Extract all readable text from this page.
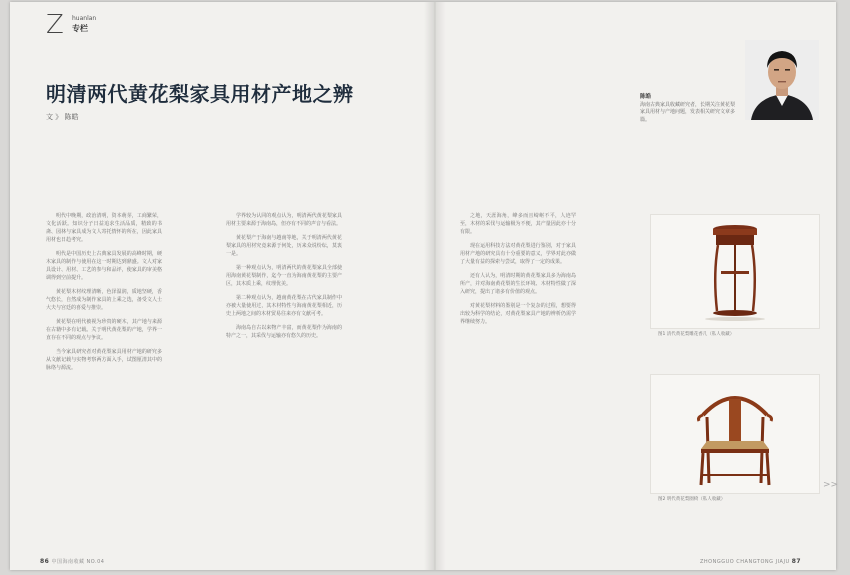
Z huanlan
专栏
明清两代黄花梨家具用材产地之辨
文 》 陈皓
陈皓
海南古典家具收藏研究者，长期关注黄花梨家具用材与产地问题，发表相关研究文章多篇。

明代中晚期，政治清明，资本萌芽，工商繁荣，文化活跃。知识分子日益追求生活品质，精致的书斋、园林与家具成为文人寄托情怀的所在，因此家具用材也日趋考究。

明代是中国历史上古典家具发展的高峰时期，硬木家具的制作与使用在这一时期达到鼎盛。文人对家具设计、用材、工艺的参与和品评，使家具的审美格调得到空前提升。

黄花梨木材纹理清晰，色泽温润，质地坚硬，香气悠长，自然成为制作家具的上乘之选，备受文人士大夫与宫廷的喜爱与推崇。

黄花梨在明代被视为珍贵的硬木，其产地与来源在古籍中多有记载。关于明代黄花梨的产地，学界一直存在不同的观点与争议。

当今家具研究者对黄花梨家具用材产地的研究多从文献记载与实物考察两方面入手，试图厘清其中的脉络与源流。

学界较为认同的观点认为，明清两代黄花梨家具用材主要来源于海南岛，但亦有不同的声音与看法。

黄花梨产于海南与越南等地，关于明清两代黄花梨家具的用材究竟来源于何处，历来众说纷纭，莫衷一是。

第一种观点认为，明清两代的黄花梨家具全部使用海南黄花梨制作，迄今一直为海南黄花梨的主要产区，其木质上乘，纹理优美。

第二种观点认为，越南黄花梨在古代家具制作中亦被大量使用过，其木材特性与海南黄花梨相近，历史上两地之间的木材贸易往来亦有文献可考。

海南岛自古以来物产丰富，而黄花梨作为海南的特产之一，其采伐与运输亦有悠久的历史。

之地，天涯海角，峰多而且崎岖不平，人迹罕至，木材的采伐与运输极为不便，其产量因此亦十分有限。

现在运用科技方法对黄花梨进行鉴别，对于家具用材产地的研究具有十分重要的意义，学界对此亦做了大量有益的探索与尝试，取得了一定的成果。

还有人认为，明清时期的黄花梨家具多为海南岛所产，并对海南黄花梨的生长环境、木材特性做了深入研究，提出了诸多有价值的观点。

对黄花梨材料的鉴别是一个复杂的过程，想要得出较为科学的结论，对黄花梨家具产地的辨析仍需学界继续努力。

图1 清代黄花梨雕花香几（私人收藏）
图2 明代黄花梨圈椅（私人收藏）
>>
86 中国海南收藏 NO.04	ZHONGGUO CHANGTONG JIAJU 87
